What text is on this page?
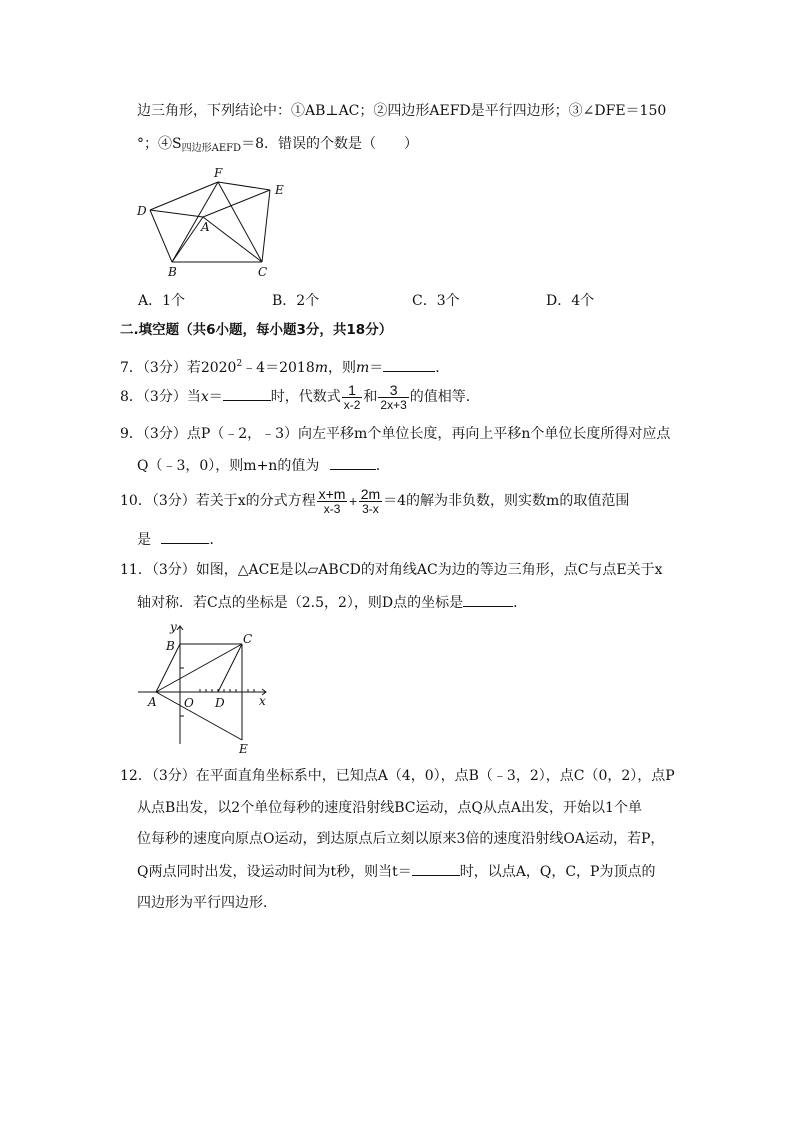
边三角形，下列结论中：①AB⊥AC；②四边形AEFD是平行四边形；③∠DFE＝150
°；$④S_{四边形AEFD}=8$．错误的个数是（　　）
F
E
D
A
B	C
A．1个	B．2个	C．3个	D．4个
二.填空题（共6小题，每小题3分，共18分）
7．（3分）若$2020^2﹣4=2018m$，则m＝	．
8．（3分）当x＝	时，代数式 $\frac{1}{x-2}$ 和 $\frac{3}{2x+3}$ 的值相等．
9．（3分）点P（﹣2，﹣3）向左平移m个单位长度，再向上平移n个单位长度所得对应点
Q（﹣3，0），则m+n的值为	．
10．（3分）若关于x的分式方程 $\frac{x+m}{x-3} + \frac{2m}{3-x} =4$的解为非负数，则实数m的取值范围
是	．
11．（3分）如图，△ACE是以▱ABCD的对角线AC为边的等边三角形，点C与点E关于x
轴对称．若C点的坐标是（2.5，2），则D点的坐标是	．
y
B	C
A O D	x
E
12．（3分）在平面直角坐标系中，已知点A（4，0），点B（﹣3，2），点C（0，2），点P
从点B出发，以2个单位每秒的速度沿射线BC运动，点Q从点A出发，开始以1个单
位每秒的速度向原点O运动，到达原点后立刻以原来3倍的速度沿射线OA运动，若P，
Q两点同时出发，设运动时间为t秒，则当t＝	时，以点A，Q，C，P为顶点的
四边形为平行四边形．
